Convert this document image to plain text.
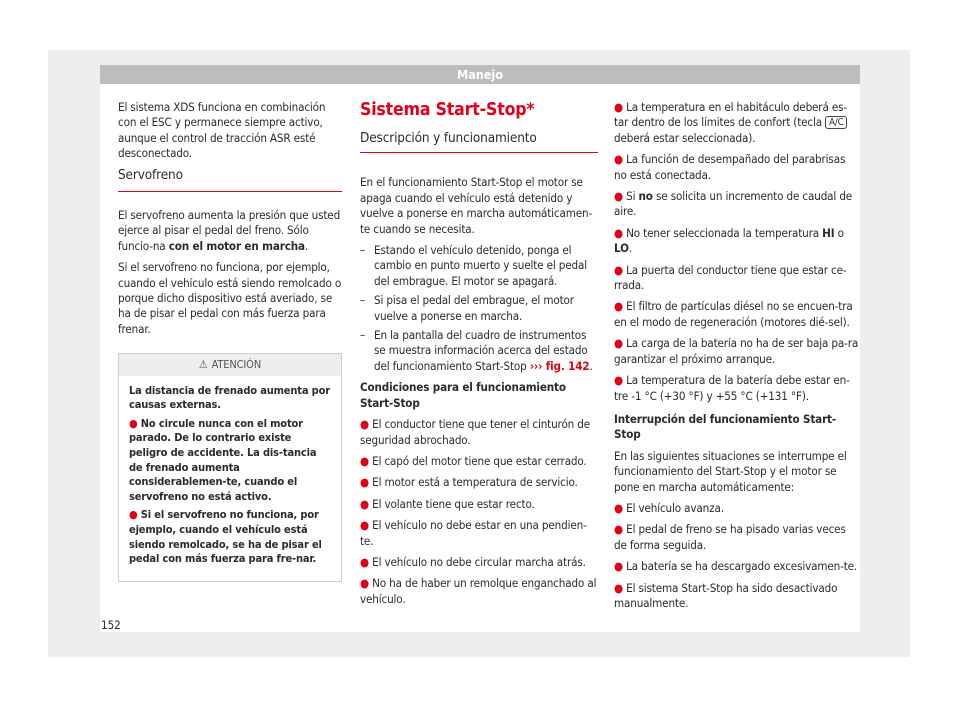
Manejo

El sistema XDS funciona en combinación con el ESC y permanece siempre activo, aunque el control de tracción ASR esté desconectado.

Servofreno

El servofreno aumenta la presión que usted ejerce al pisar el pedal del freno. Sólo funcio-na con el motor en marcha.

Si el servofreno no funciona, por ejemplo, cuando el vehículo está siendo remolcado o porque dicho dispositivo está averiado, se ha de pisar el pedal con más fuerza para frenar.

⚠ ATENCIÓN

La distancia de frenado aumenta por causas externas.

● No circule nunca con el motor parado. De lo contrario existe peligro de accidente. La dis-tancia de frenado aumenta considerablemen-te, cuando el servofreno no está activo.

● Si el servofreno no funciona, por ejemplo, cuando el vehículo está siendo remolcado, se ha de pisar el pedal con más fuerza para fre-nar.

Sistema Start-Stop*
Descripción y funcionamiento

En el funcionamiento Start-Stop el motor se apaga cuando el vehículo está detenido y vuelve a ponerse en marcha automáticamen-te cuando se necesita.

– Estando el vehículo detenido, ponga el cambio en punto muerto y suelte el pedal del embrague. El motor se apagará.
– Si pisa el pedal del embrague, el motor vuelve a ponerse en marcha.
– En la pantalla del cuadro de instrumentos se muestra información acerca del estado del funcionamiento Start-Stop ››› fig. 142.

Condiciones para el funcionamiento Start-Stop

● El conductor tiene que tener el cinturón de seguridad abrochado.

● El capó del motor tiene que estar cerrado.

● El motor está a temperatura de servicio.

● El volante tiene que estar recto.

● El vehículo no debe estar en una pendien-te.

● El vehículo no debe circular marcha atrás.

● No ha de haber un remolque enganchado al vehículo.

● La temperatura en el habitáculo deberá es-tar dentro de los límites de confort (tecla A/C deberá estar seleccionada).

● La función de desempañado del parabrisas no está conectada.

● Si no se solicita un incremento de caudal de aire.

● No tener seleccionada la temperatura HI o LO.

● La puerta del conductor tiene que estar ce-rrada.

● El filtro de partículas diésel no se encuen-tra en el modo de regeneración (motores dié-sel).

● La carga de la batería no ha de ser baja pa-ra garantizar el próximo arranque.

● La temperatura de la batería debe estar en-tre -1 °C (+30 °F) y +55 °C (+131 °F).

Interrupción del funcionamiento Start-Stop

En las siguientes situaciones se interrumpe el funcionamiento del Start-Stop y el motor se pone en marcha automáticamente:

● El vehículo avanza.

● El pedal de freno se ha pisado varias veces de forma seguida.

● La batería se ha descargado excesivamen-te.

● El sistema Start-Stop ha sido desactivado manualmente.

152
